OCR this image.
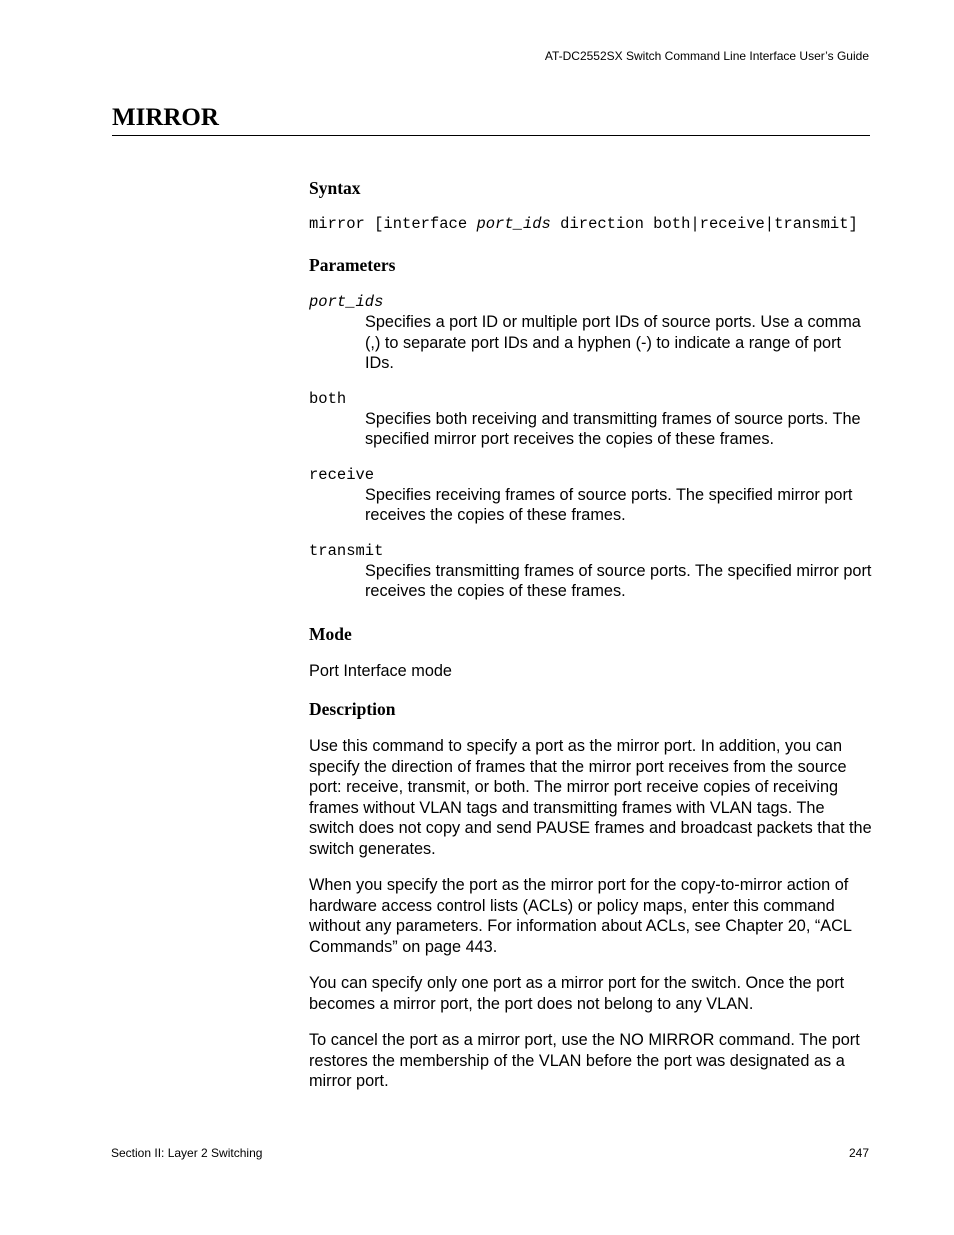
AT-DC2552SX Switch Command Line Interface User’s Guide
MIRROR
Syntax
mirror [interface port_ids direction both|receive|transmit]
Parameters
port_ids
Specifies a port ID or multiple port IDs of source ports. Use a comma (,) to separate port IDs and a hyphen (-) to indicate a range of port IDs.
both
Specifies both receiving and transmitting frames of source ports. The specified mirror port receives the copies of these frames.
receive
Specifies receiving frames of source ports. The specified mirror port receives the copies of these frames.
transmit
Specifies transmitting frames of source ports. The specified mirror port receives the copies of these frames.
Mode

Port Interface mode

Description

Use this command to specify a port as the mirror port. In addition, you can specify the direction of frames that the mirror port receives from the source port: receive, transmit, or both. The mirror port receive copies of receiving frames without VLAN tags and transmitting frames with VLAN tags. The switch does not copy and send PAUSE frames and broadcast packets that the switch generates.

When you specify the port as the mirror port for the copy-to-mirror action of hardware access control lists (ACLs) or policy maps, enter this command without any parameters. For information about ACLs, see Chapter 20, “ACL Commands” on page 443.

You can specify only one port as a mirror port for the switch. Once the port becomes a mirror port, the port does not belong to any VLAN.

To cancel the port as a mirror port, use the NO MIRROR command. The port restores the membership of the VLAN before the port was designated as a mirror port.

Section II: Layer 2 Switching	247
